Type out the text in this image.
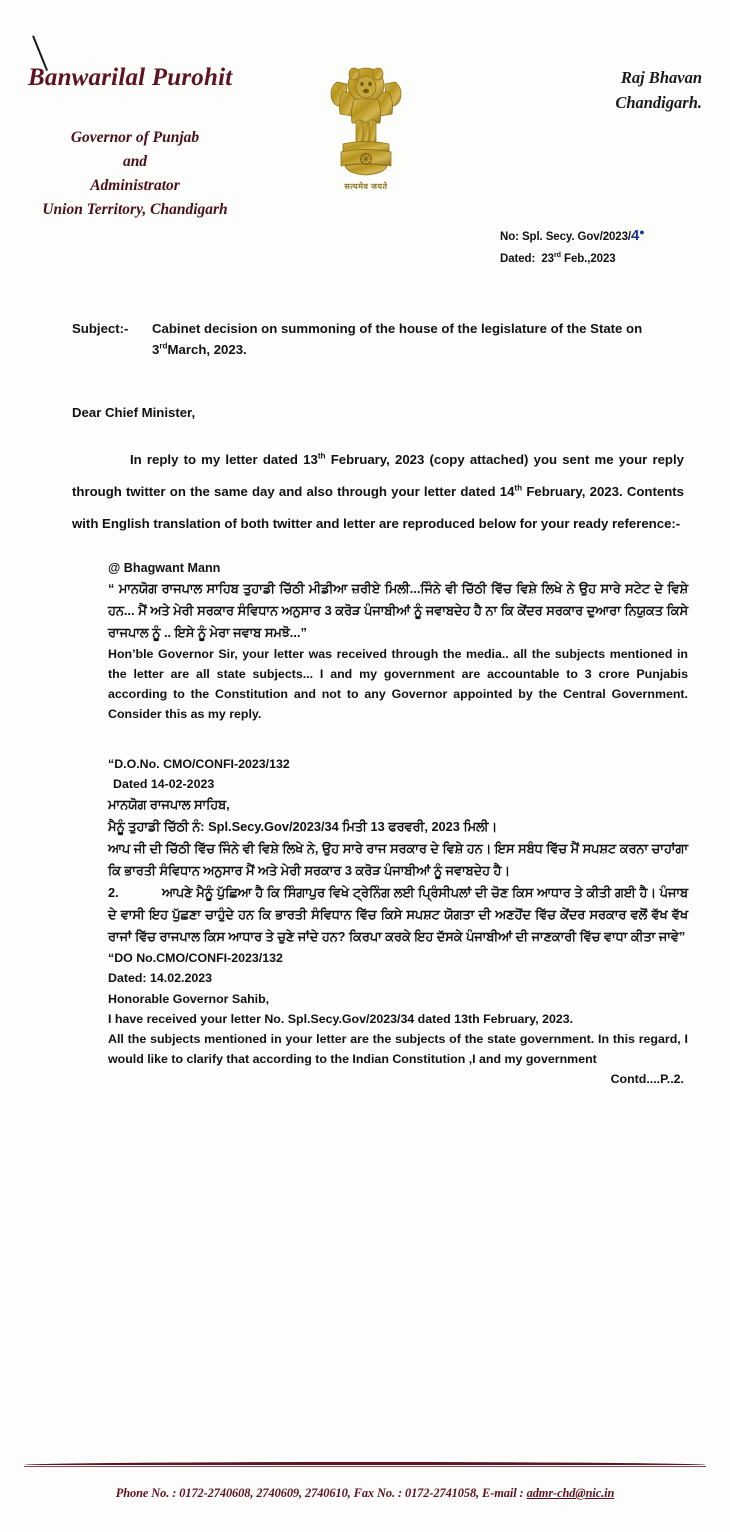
Banwarilal Purohit
Governor of Punjab
and
Administrator
Union Territory, Chandigarh
सत्यमेव जयते
Raj Bhavan
Chandigarh.
No: Spl. Secy. Gov/2023/4●
Dated: 23rd Feb.,2023
Subject:-	Cabinet decision on summoning of the house of the legislature of the State on
3rdMarch, 2023.
Dear Chief Minister,
In reply to my letter dated 13th February, 2023 (copy attached) you sent me your reply through twitter on the same day and also through your letter dated 14th February, 2023. Contents with English translation of both twitter and letter are reproduced below for your ready reference:-
@ Bhagwant Mann
“ ਮਾਨਯੋਗ ਰਾਜਪਾਲ ਸਾਹਿਬ ਤੁਹਾਡੀ ਚਿੱਠੀ ਮੀਡੀਆ ਜ਼ਰੀਏ ਮਿਲੀ...ਜਿੰਨੇ ਵੀ ਚਿੱਠੀ ਵਿੱਚ ਵਿਸ਼ੇ ਲਿਖੇ ਨੇ ਉਹ ਸਾਰੇ ਸਟੇਟ ਦੇ ਵਿਸ਼ੇ ਹਨ... ਮੈਂ ਅਤੇ ਮੇਰੀ ਸਰਕਾਰ ਸੰਵਿਧਾਨ ਅਨੁਸਾਰ 3 ਕਰੋੜ ਪੰਜਾਬੀਆਂ ਨੂੰ ਜਵਾਬਦੇਹ ਹੈ ਨਾ ਕਿ ਕੇਂਦਰ ਸਰਕਾਰ ਦੁਆਰਾ ਨਿਯੁਕਤ ਕਿਸੇ ਰਾਜਪਾਲ ਨੂੰ .. ਇਸੇ ਨੂੰ ਮੇਰਾ ਜਵਾਬ ਸਮਝੋ...”
Hon’ble Governor Sir, your letter was received through the media.. all the subjects mentioned in the letter are all state subjects... I and my government are accountable to 3 crore Punjabis according to the Constitution and not to any Governor appointed by the Central Government. Consider this as my reply.
“D.O.No. CMO/CONFI-2023/132
Dated 14-02-2023
ਮਾਨਯੋਗ ਰਾਜਪਾਲ ਸਾਹਿਬ,
ਮੈਨੂੰ ਤੁਹਾਡੀ ਚਿੱਠੀ ਨੰ: Spl.Secy.Gov/2023/34 ਮਿਤੀ 13 ਫਰਵਰੀ, 2023 ਮਿਲੀ।
ਆਪ ਜੀ ਦੀ ਚਿੱਠੀ ਵਿੱਚ ਜਿੰਨੇ ਵੀ ਵਿਸ਼ੇ ਲਿਖੇ ਨੇ, ਉਹ ਸਾਰੇ ਰਾਜ ਸਰਕਾਰ ਦੇ ਵਿਸ਼ੇ ਹਨ। ਇਸ ਸਬੰਧ ਵਿੱਚ ਮੈਂ ਸਪਸ਼ਟ ਕਰਨਾ ਚਾਹਾਂਗਾ ਕਿ ਭਾਰਤੀ ਸੰਵਿਧਾਨ ਅਨੁਸਾਰ ਮੈਂ ਅਤੇ ਮੇਰੀ ਸਰਕਾਰ 3 ਕਰੋੜ ਪੰਜਾਬੀਆਂ ਨੂੰ ਜਵਾਬਦੇਹ ਹੈ।
2.	ਆਪਣੇ ਮੈਨੂੰ ਪੁੱਛਿਆ ਹੈ ਕਿ ਸਿੰਗਾਪੁਰ ਵਿਖੇ ਟ੍ਰੇਨਿੰਗ ਲਈ ਪ੍ਰਿੰਸੀਪਲਾਂ ਦੀ ਚੋਣ ਕਿਸ ਆਧਾਰ ਤੇ ਕੀਤੀ ਗਈ ਹੈ। ਪੰਜਾਬ ਦੇ ਵਾਸੀ ਇਹ ਪੁੱਛਣਾ ਚਾਹੁੰਦੇ ਹਨ ਕਿ ਭਾਰਤੀ ਸੰਵਿਧਾਨ ਵਿੱਚ ਕਿਸੇ ਸਪਸ਼ਟ ਯੋਗਤਾ ਦੀ ਅਣਹੋਂਦ ਵਿੱਚ ਕੇਂਦਰ ਸਰਕਾਰ ਵਲੋਂ ਵੱਖ ਵੱਖ ਰਾਜਾਂ ਵਿੱਚ ਰਾਜਪਾਲ ਕਿਸ ਆਧਾਰ ਤੇ ਚੁਣੇ ਜਾਂਦੇ ਹਨ? ਕਿਰਪਾ ਕਰਕੇ ਇਹ ਦੱਸਕੇ ਪੰਜਾਬੀਆਂ ਦੀ ਜਾਣਕਾਰੀ ਵਿੱਚ ਵਾਧਾ ਕੀਤਾ ਜਾਵੇ”
“DO No.CMO/CONFI-2023/132
Dated: 14.02.2023
Honorable Governor Sahib,
I have received your letter No. Spl.Secy.Gov/2023/34 dated 13th February, 2023.
All the subjects mentioned in your letter are the subjects of the state government. In this regard, I would like to clarify that according to the Indian Constitution ,I and my government
Contd....P..2.
Phone No. : 0172-2740608, 2740609, 2740610, Fax No. : 0172-2741058, E-mail : admr-chd@nic.in
